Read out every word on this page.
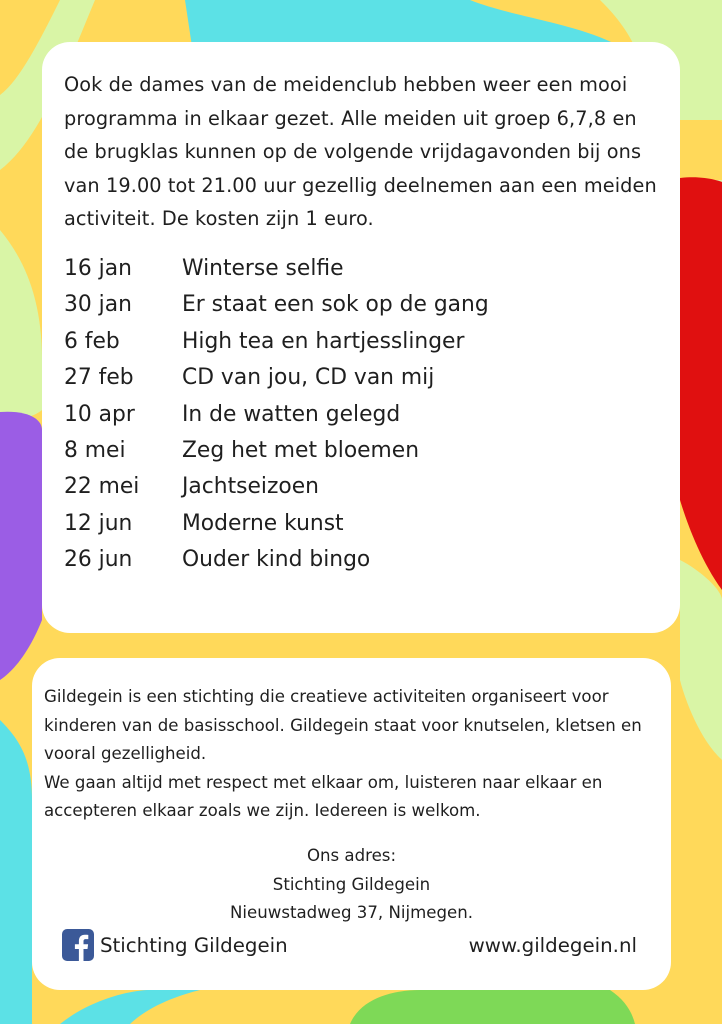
Ook de dames van de meidenclub hebben weer een mooi programma in elkaar gezet. Alle meiden uit groep 6,7,8 en de brugklas kunnen op de volgende vrijdagavonden bij ons van 19.00 tot 21.00 uur gezellig deelnemen aan een meiden activiteit. De kosten zijn 1 euro.

16 jan	Winterse selfie
30 jan	Er staat een sok op de gang
6 feb	High tea en hartjesslinger
27 feb	CD van jou, CD van mij
10 apr	In de watten gelegd
8 mei	Zeg het met bloemen
22 mei	Jachtseizoen
12 jun	Moderne kunst
26 jun	Ouder kind bingo

Gildegein is een stichting die creatieve activiteiten organiseert voor kinderen van de basisschool. Gildegein staat voor knutselen, kletsen en vooral gezelligheid.

We gaan altijd met respect met elkaar om, luisteren naar elkaar en accepteren elkaar zoals we zijn. Iedereen is welkom.

Ons adres:
Stichting Gildegein
Nieuwstadweg 37, Nijmegen.
Stichting Gildegein	www.gildegein.nl
